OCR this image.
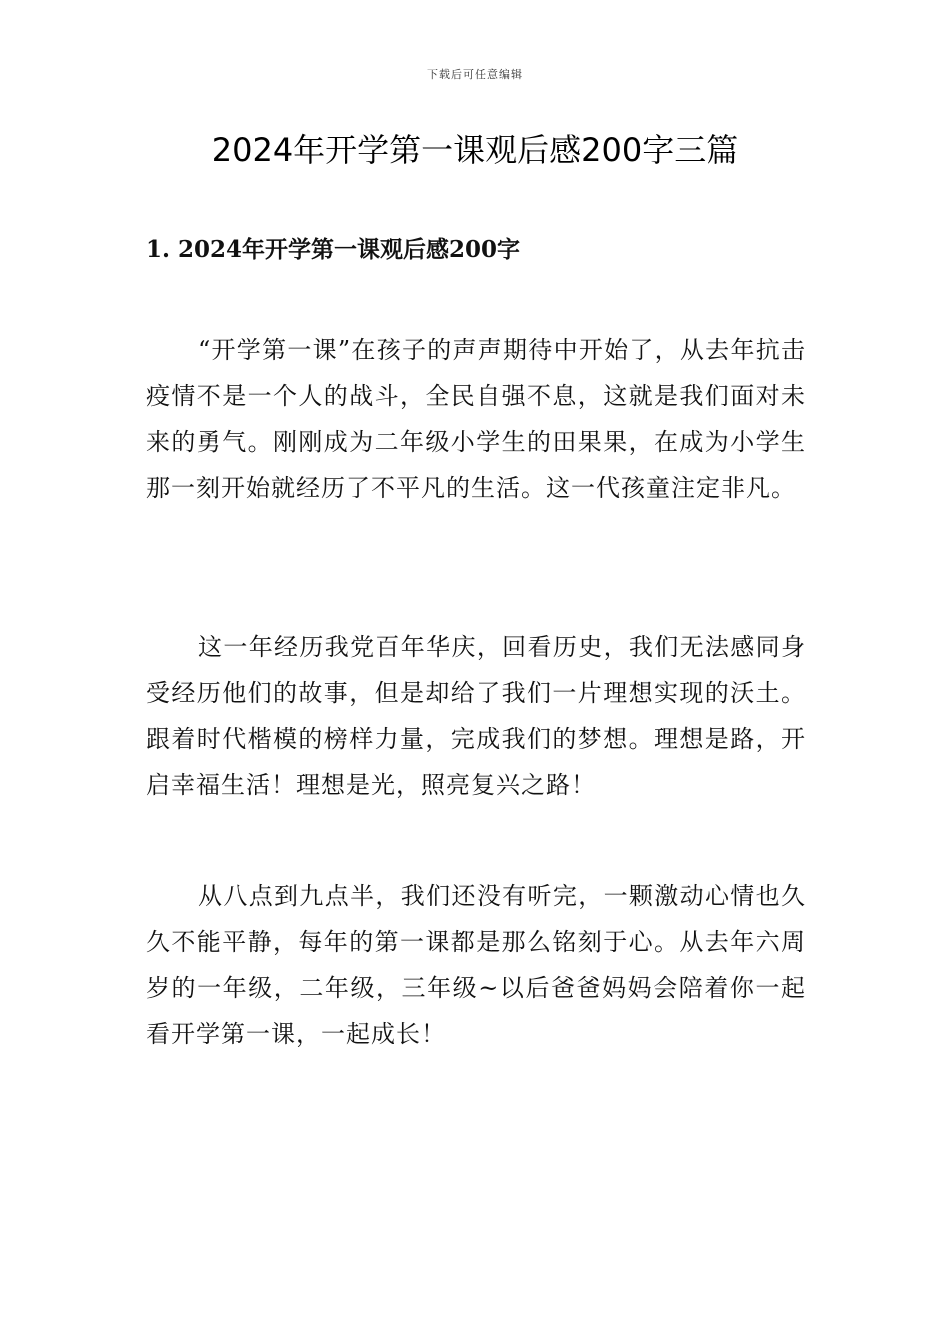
下载后可任意编辑
2024年开学第一课观后感200字三篇
1. 2024年开学第一课观后感200字

“开学第一课”在孩子的声声期待中开始了，从去年抗击疫情不是一个人的战斗，全民自强不息，这就是我们面对未来的勇气。刚刚成为二年级小学生的田果果，在成为小学生那一刻开始就经历了不平凡的生活。这一代孩童注定非凡。

这一年经历我党百年华庆，回看历史，我们无法感同身受经历他们的故事，但是却给了我们一片理想实现的沃土。跟着时代楷模的榜样力量，完成我们的梦想。理想是路，开启幸福生活！理想是光，照亮复兴之路！

从八点到九点半，我们还没有听完，一颗激动心情也久久不能平静，每年的第一课都是那么铭刻于心。从去年六周岁的一年级，二年级，三年级~以后爸爸妈妈会陪着你一起看开学第一课，一起成长！
